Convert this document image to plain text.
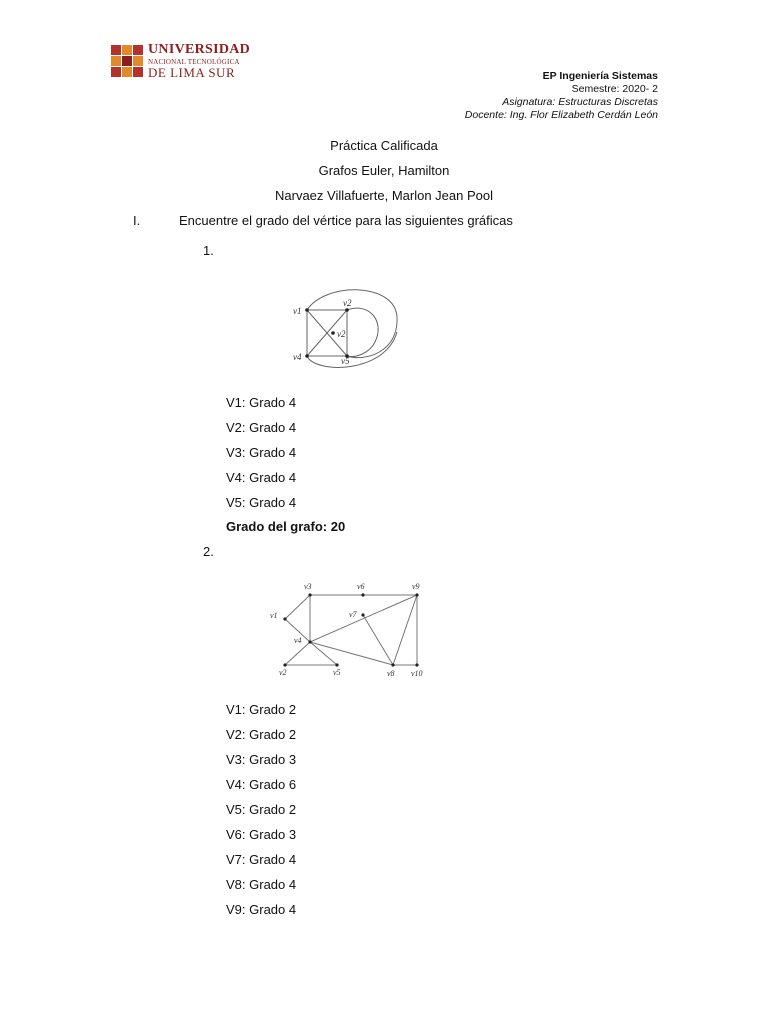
UNIVERSIDAD
NACIONAL TECNOLÓGICA
DE LIMA SUR	EP Ingeniería Sistemas
Semestre: 2020- 2
Asignatura: Estructuras Discretas
Docente: Ing. Flor Elizabeth Cerdán León
Práctica Calificada
Grafos Euler, Hamilton
Narvaez Villafuerte, Marlon Jean Pool
I.	Encuentre el grado del vértice para las siguientes gráficas
1.
v1
v2
v2
v4	v5
V1: Grado 4
V2: Grado 4
V3: Grado 4
V4: Grado 4
V5: Grado 4
Grado del grafo: 20
2.
v1
v2
v3
v4
v5
v6
v7
v8
v9
v10
V1: Grado 2
V2: Grado 2
V3: Grado 3
V4: Grado 6
V5: Grado 2
V6: Grado 3
V7: Grado 4
V8: Grado 4
V9: Grado 4
